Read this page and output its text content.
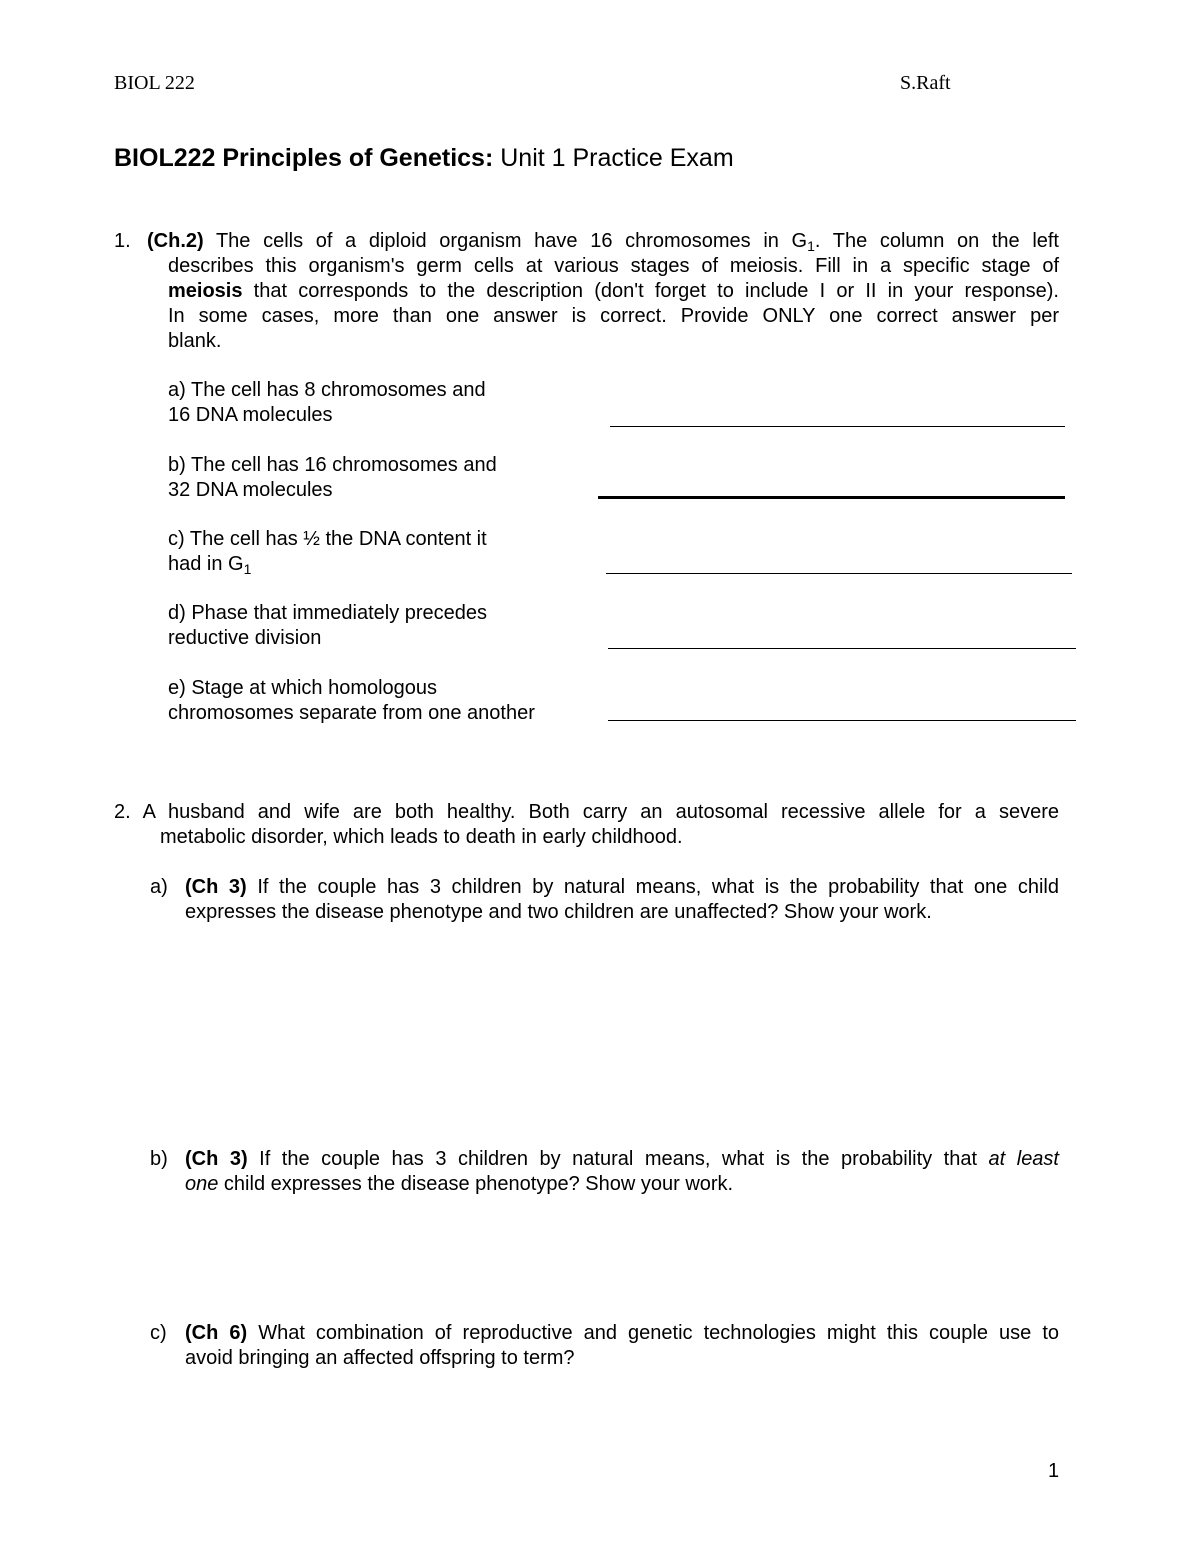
BIOL 222	S.Raft
BIOL222 Principles of Genetics: Unit 1 Practice Exam
1. (Ch.2) The cells of a diploid organism have 16 chromosomes in $G_1$. The column on the left
describes this organism's germ cells at various stages of meiosis. Fill in a specific stage of
meiosis that corresponds to the description (don't forget to include I or II in your response).
In some cases, more than one answer is correct. Provide ONLY one correct answer per
blank.
a) The cell has 8 chromosomes and
16 DNA molecules
b) The cell has 16 chromosomes and
32 DNA molecules
c) The cell has ½ the DNA content it
had in $G_1$
d) Phase that immediately precedes
reductive division
e) Stage at which homologous
chromosomes separate from one another
2. A husband and wife are both healthy. Both carry an autosomal recessive allele for a severe
metabolic disorder, which leads to death in early childhood.
a) (Ch 3) If the couple has 3 children by natural means, what is the probability that one child
expresses the disease phenotype and two children are unaffected? Show your work.
b) (Ch 3) If the couple has 3 children by natural means, what is the probability that at least
one child expresses the disease phenotype? Show your work.
c) (Ch 6) What combination of reproductive and genetic technologies might this couple use to
avoid bringing an affected offspring to term?
1
